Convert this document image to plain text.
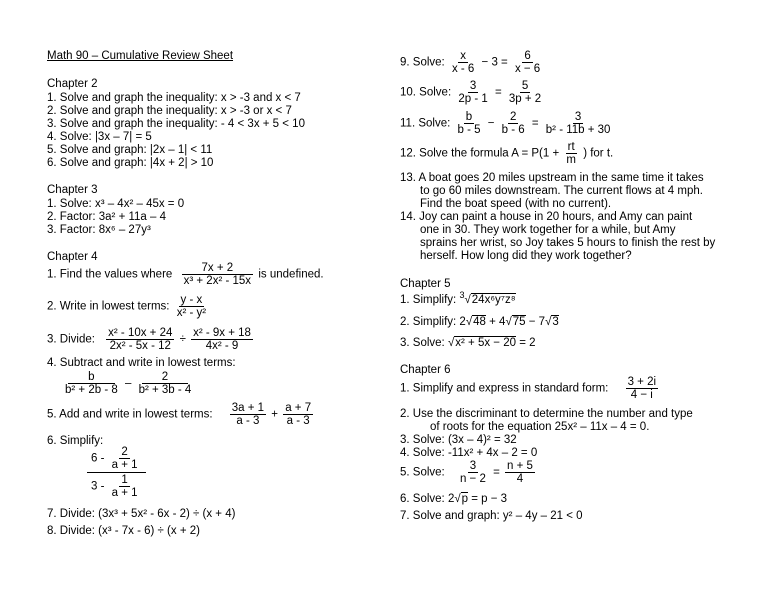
Math 90 – Cumulative Review Sheet
Chapter 2
1. Solve and graph the inequality: x > -3 and x < 7
2. Solve and graph the inequality: x > -3 or x < 7
3. Solve and graph the inequality: - 4 < 3x + 5 < 10
4. Solve: |3x – 7| = 5
5. Solve and graph: |2x – 1| < 11
6. Solve and graph: |4x + 2| > 10
Chapter 3
1. Solve: x³ – 4x² – 45x = 0
2. Factor: 3a² + 11a – 4
3. Factor: 8x⁶ – 27y³
Chapter 4
1. Find the values where $\frac{7x + 2}{\text{x³ + 2x² - 15x}}$ is undefined.
2. Write in lowest terms: $\frac{y - x}{\text{x² - y²}}$
3. Divide: $\frac{\text{x² - 10x + 24}}{\text{2x² - 5x - 12}} \div \frac{\text{x² - 9x + 18}}{\text{4x² - 9}}$
4. Subtract and write in lowest terms:
$\frac{b}{\text{b² + 2b - 8}} - \frac{2}{\text{b² + 3b - 4}}$
5. Add and write in lowest terms: $\frac{3a + 1}{a - 3} + \frac{a + 7}{a - 3}$
6. Simplify:
$\frac{6 - \frac{2}{a + 1}}{3 - \frac{1}{a + 1}}$
7. Divide: (3x³ + 5x² - 6x - 2) ÷ (x + 4)
8. Divide: (x³ - 7x - 6) ÷ (x + 2)
9. Solve: $\frac{x}{x - 6} - 3 = \frac{6}{x - 6}$
10. Solve: $\frac{3}{2p - 1} = \frac{5}{3p + 2}$
11. Solve: $\frac{b}{b - 5} - \frac{2}{b - 6} = \frac{3}{\text{b² - 11b + 30}}$
12. Solve the formula $A = P(1 + \frac{rt}{m}$ ) for t.
13. A boat goes 20 miles upstream in the same time it takes
to go 60 miles downstream. The current flows at 4 mph.
Find the boat speed (with no current).
14. Joy can paint a house in 20 hours, and Amy can paint
one in 30. They work together for a while, but Amy
sprains her wrist, so Joy takes 5 hours to finish the rest by
herself. How long did they work together?
Chapter 5
1. Simplify: $^3$√24x⁶y⁷z⁸
2. Simplify: 2√48 + 4√75 − 7√3
3. Solve: √x² + 5x − 20 = 2
Chapter 6
1. Simplify and express in standard form: $\frac{3 + 2i}{4 - i}$
2. Use the discriminant to determine the number and type
of roots for the equation 25x² – 11x – 4 = 0.
3. Solve: (3x – 4)² = 32
4. Solve: -11x² + 4x – 2 = 0
5. Solve: $\frac{3}{n - 2} = \frac{n + 5}{4}$
6. Solve: 2√p = p − 3
7. Solve and graph: y² – 4y – 21 < 0
